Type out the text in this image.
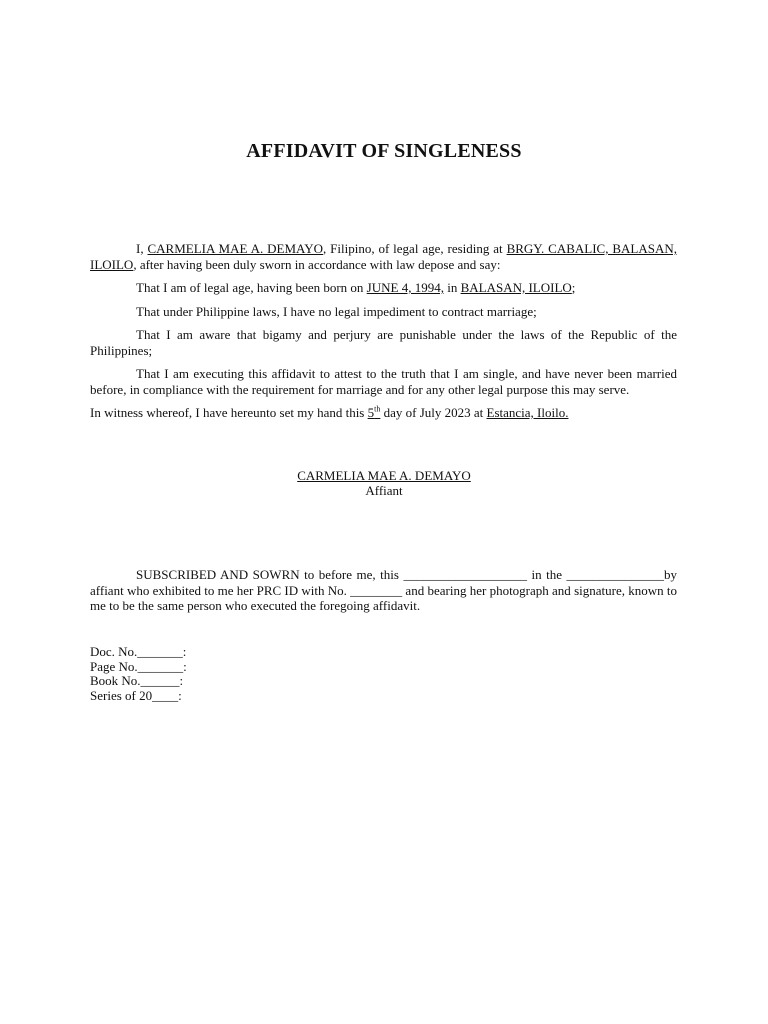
AFFIDAVIT OF SINGLENESS

I, CARMELIA MAE A. DEMAYO, Filipino, of legal age, residing at BRGY. CABALIC, BALASAN, ILOILO, after having been duly sworn in accordance with law depose and say:

That I am of legal age, having been born on JUNE 4, 1994, in BALASAN, ILOILO;

That under Philippine laws, I have no legal impediment to contract marriage;

That I am aware that bigamy and perjury are punishable under the laws of the Republic of the Philippines;

That I am executing this affidavit to attest to the truth that I am single, and have never been married before, in compliance with the requirement for marriage and for any other legal purpose this may serve.

In witness whereof, I have hereunto set my hand this 5th day of July 2023 at Estancia, Iloilo.

CARMELIA MAE A. DEMAYO
Affiant

SUBSCRIBED AND SOWRN to before me, this ___________________ in the _______________by affiant who exhibited to me her PRC ID with No. ________ and bearing her photograph and signature, known to me to be the same person who executed the foregoing affidavit.

Doc. No._______:
Page No._______:
Book No.______:
Series of 20____:
